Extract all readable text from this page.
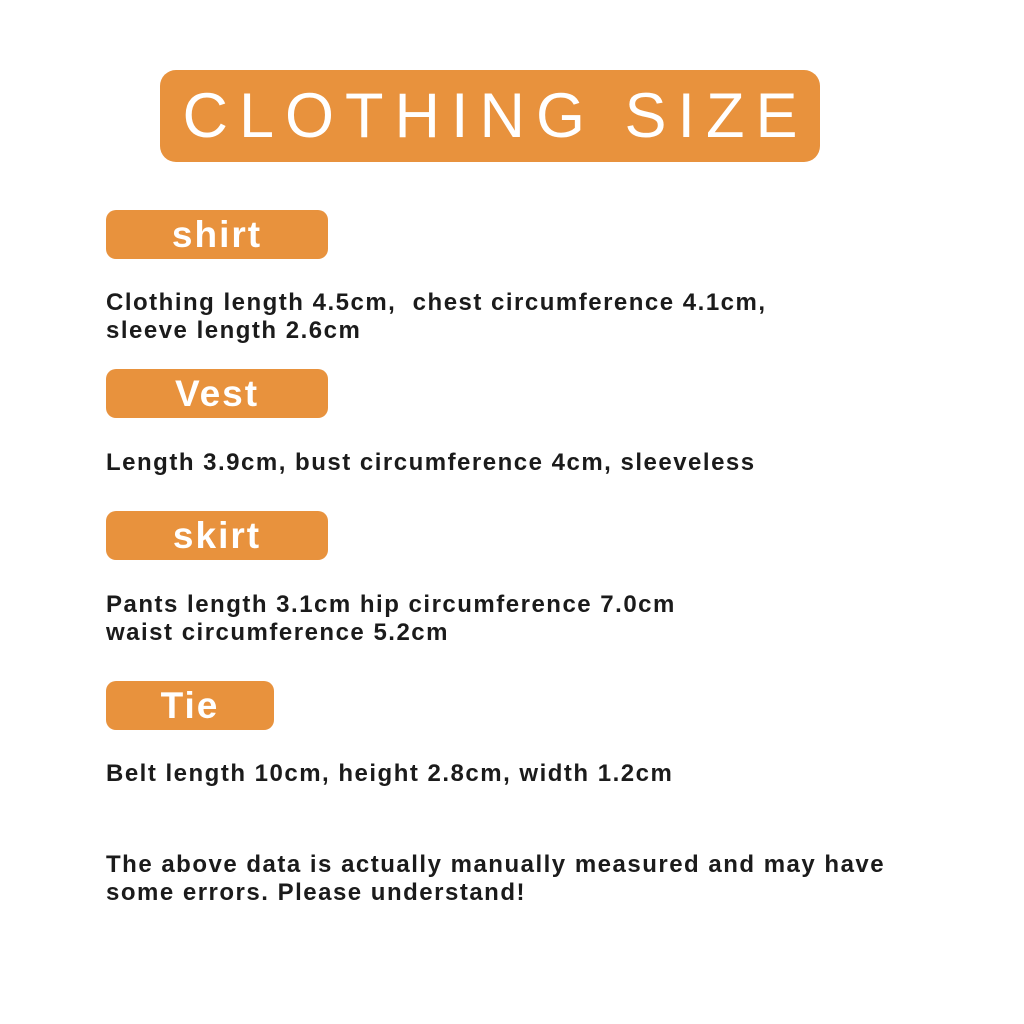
CLOTHING SIZE
shirt
Clothing length 4.5cm,  chest circumference 4.1cm,
sleeve length 2.6cm
Vest
Length 3.9cm, bust circumference 4cm, sleeveless
skirt
Pants length 3.1cm hip circumference 7.0cm
waist circumference 5.2cm
Tie
Belt length 10cm, height 2.8cm, width 1.2cm
The above data is actually manually measured and may have
some errors. Please understand!
